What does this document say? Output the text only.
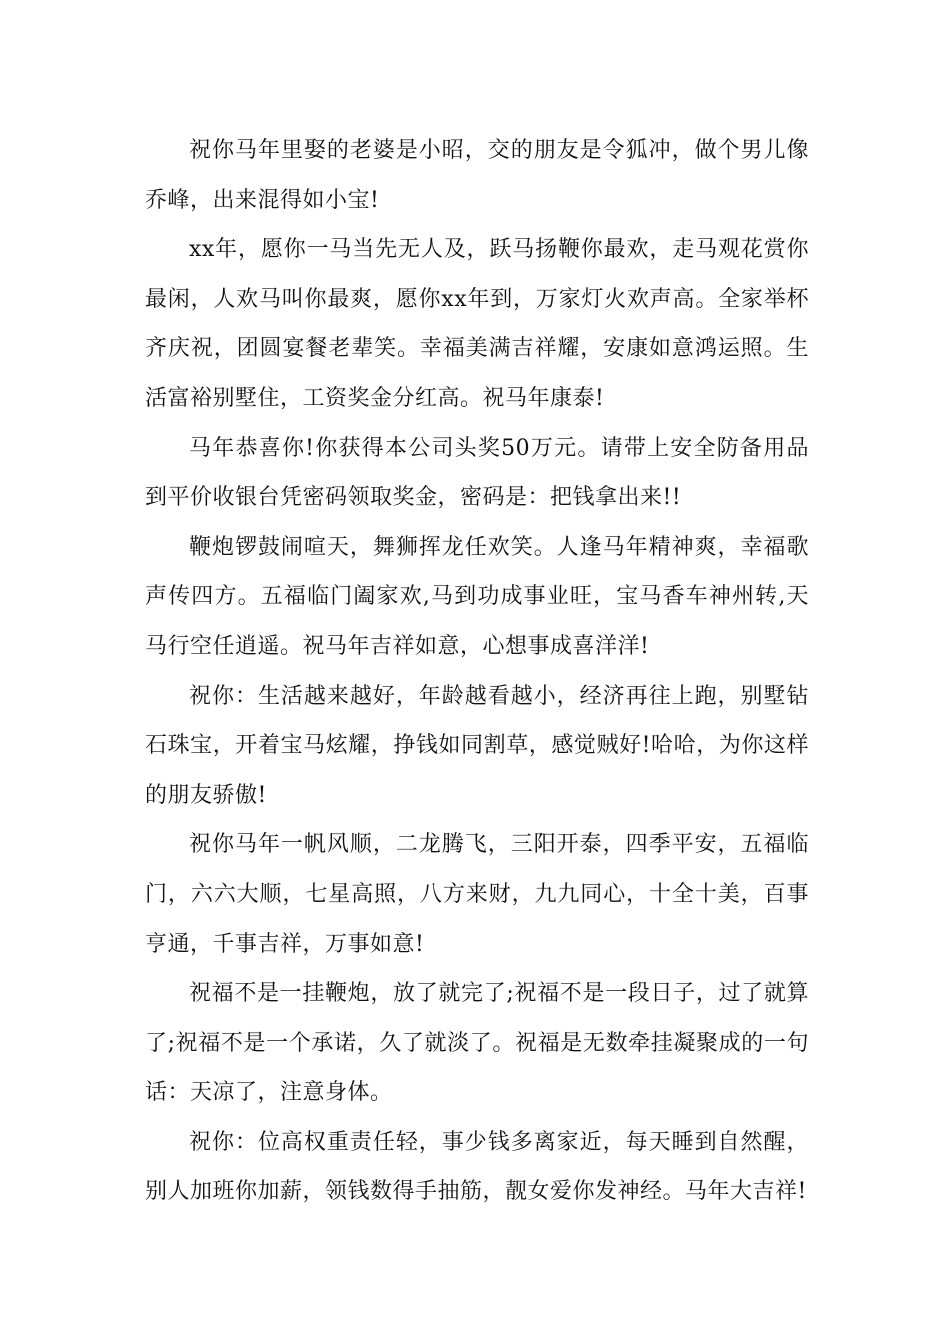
祝你马年里娶的老婆是小昭，交的朋友是令狐冲，做个男儿像乔峰，出来混得如小宝!

xx年，愿你一马当先无人及，跃马扬鞭你最欢，走马观花赏你最闲，人欢马叫你最爽，愿你xx年到，万家灯火欢声高。全家举杯齐庆祝，团圆宴餐老辈笑。幸福美满吉祥耀，安康如意鸿运照。生活富裕别墅住，工资奖金分红高。祝马年康泰!

马年恭喜你!你获得本公司头奖50万元。请带上安全防备用品到平价收银台凭密码领取奖金，密码是：把钱拿出来!!

鞭炮锣鼓闹喧天，舞狮挥龙任欢笑。人逢马年精神爽，幸福歌声传四方。五福临门阖家欢,马到功成事业旺，宝马香车神州转,天马行空任逍遥。祝马年吉祥如意，心想事成喜洋洋!

祝你：生活越来越好，年龄越看越小，经济再往上跑，别墅钻石珠宝，开着宝马炫耀，挣钱如同割草，感觉贼好!哈哈，为你这样的朋友骄傲!

祝你马年一帆风顺，二龙腾飞，三阳开泰，四季平安，五福临门，六六大顺，七星高照，八方来财，九九同心，十全十美，百事亨通，千事吉祥，万事如意!

祝福不是一挂鞭炮，放了就完了;祝福不是一段日子，过了就算了;祝福不是一个承诺，久了就淡了。祝福是无数牵挂凝聚成的一句话：天凉了，注意身体。

祝你：位高权重责任轻，事少钱多离家近，每天睡到自然醒，别人加班你加薪，领钱数得手抽筋，靓女爱你发神经。马年大吉祥!
